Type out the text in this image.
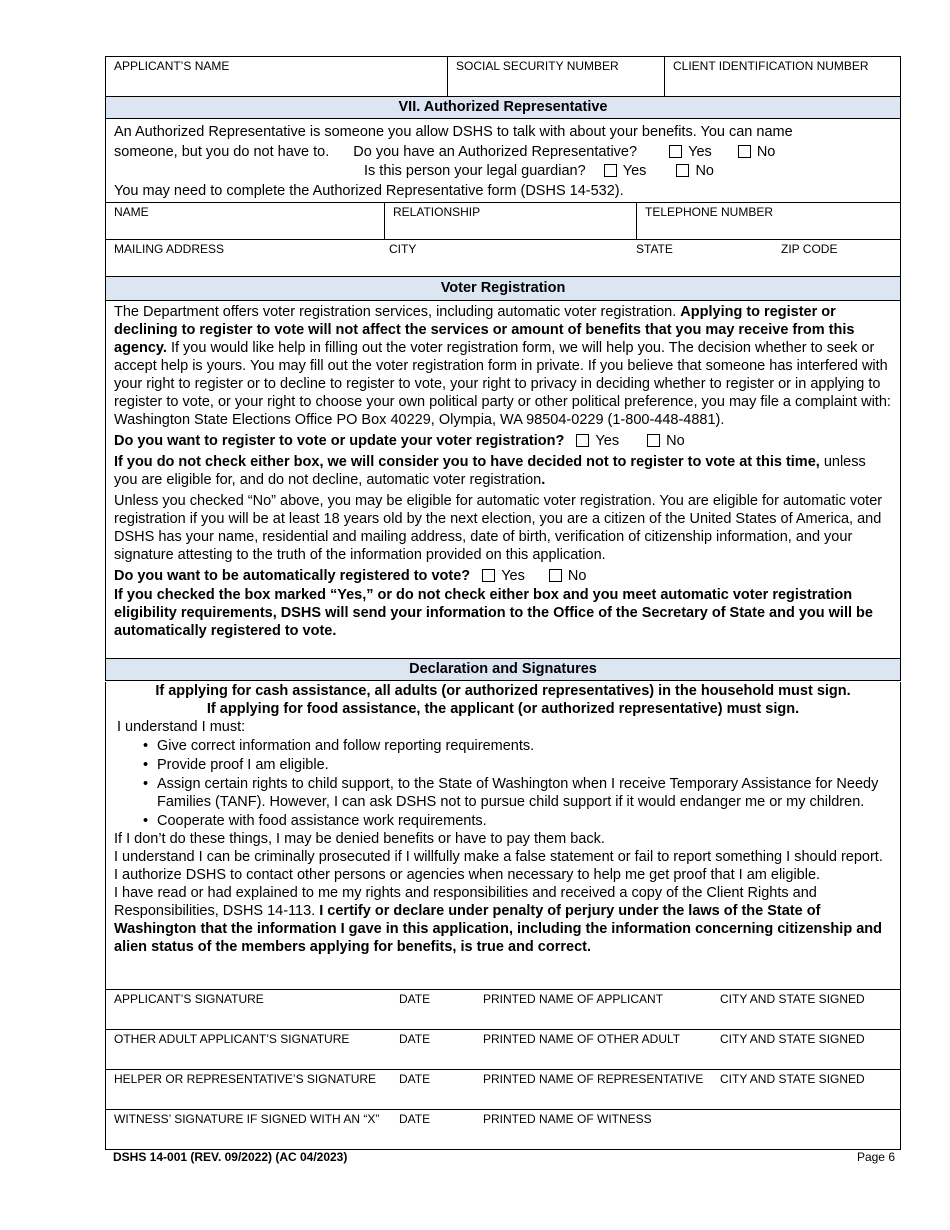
APPLICANT’S NAME	SOCIAL SECURITY NUMBER	CLIENT IDENTIFICATION NUMBER
VII. Authorized Representative

An Authorized Representative is someone you allow DSHS to talk with about your benefits. You can name

someone, but you do not have to. Do you have an Authorized Representative?	Yes	No

Is this person your legal guardian?	Yes	No

You may need to complete the Authorized Representative form (DSHS 14-532).

NAME	RELATIONSHIP	TELEPHONE NUMBER
MAILING ADDRESS	CITY	STATE	ZIP CODE
Voter Registration

The Department offers voter registration services, including automatic voter registration. Applying to register or declining to register to vote will not affect the services or amount of benefits that you may receive from this agency. If you would like help in filling out the voter registration form, we will help you. The decision whether to seek or accept help is yours. You may fill out the voter registration form in private. If you believe that someone has interfered with your right to register or to decline to register to vote, your right to privacy in deciding whether to register or in applying to register to vote, or your right to choose your own political party or other political preference, you may file a complaint with: Washington State Elections Office PO Box 40229, Olympia, WA 98504-0229 (1-800-448-4881).

Do you want to register to vote or update your voter registration? Yes	No

If you do not check either box, we will consider you to have decided not to register to vote at this time, unless you are eligible for, and do not decline, automatic voter registration.

Unless you checked “No” above, you may be eligible for automatic voter registration. You are eligible for automatic voter registration if you will be at least 18 years old by the next election, you are a citizen of the United States of America, and DSHS has your name, residential and mailing address, date of birth, verification of citizenship information, and your signature attesting to the truth of the information provided on this application.

Do you want to be automatically registered to vote? Yes	No

If you checked the box marked “Yes,” or do not check either box and you meet automatic voter registration eligibility requirements, DSHS will send your information to the Office of the Secretary of State and you will be automatically registered to vote.

Declaration and Signatures

If applying for cash assistance, all adults (or authorized representatives) in the household must sign.

If applying for food assistance, the applicant (or authorized representative) must sign.

I understand I must:

• Give correct information and follow reporting requirements.
• Provide proof I am eligible.
• Assign certain rights to child support, to the State of Washington when I receive Temporary Assistance for Needy Families (TANF). However, I can ask DSHS not to pursue child support if it would endanger me or my children.
• Cooperate with food assistance work requirements.

If I don’t do these things, I may be denied benefits or have to pay them back.

I understand I can be criminally prosecuted if I willfully make a false statement or fail to report something I should report.

I authorize DSHS to contact other persons or agencies when necessary to help me get proof that I am eligible.

I have read or had explained to me my rights and responsibilities and received a copy of the Client Rights and Responsibilities, DSHS 14-113. I certify or declare under penalty of perjury under the laws of the State of Washington that the information I gave in this application, including the information concerning citizenship and alien status of the members applying for benefits, is true and correct.

APPLICANT’S SIGNATURE	DATE	PRINTED NAME OF APPLICANT	CITY AND STATE SIGNED
OTHER ADULT APPLICANT’S SIGNATURE	DATE	PRINTED NAME OF OTHER ADULT	CITY AND STATE SIGNED
HELPER OR REPRESENTATIVE’S SIGNATURE	DATE	PRINTED NAME OF REPRESENTATIVE	CITY AND STATE SIGNED
WITNESS’ SIGNATURE IF SIGNED WITH AN “X”	DATE	PRINTED NAME OF WITNESS
DSHS 14-001 (REV. 09/2022) (AC 04/2023)	Page 6
